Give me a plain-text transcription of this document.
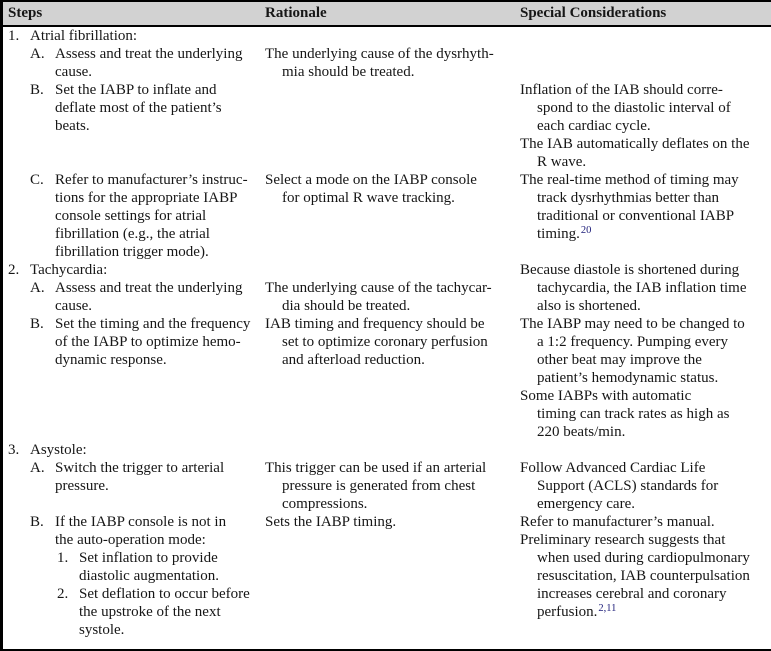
Steps	Rationale	Special Considerations
1. Atrial fibrillation:
A. Assess and treat the underlying
cause.
B. Set the IABP to inflate and
deflate most of the patient’s
beats.

C. Refer to manufacturer’s instruc-
tions for the appropriate IABP
console settings for atrial
fibrillation (e.g., the atrial
fibrillation trigger mode).
2. Tachycardia:
A. Assess and treat the underlying
cause.
B. Set the timing and the frequency
of the IABP to optimize hemo-
dynamic response.

3. Asystole:
A. Switch the trigger to arterial
pressure.

B. If the IABP console is not in
the auto-operation mode:
1. Set inflation to provide
diastolic augmentation.
2. Set deflation to occur before
the upstroke of the next
systole.

The underlying cause of the dysrhyth-
mia should be treated.

Select a mode on the IABP console
for optimal R wave tracking.

The underlying cause of the tachycar-
dia should be treated.
IAB timing and frequency should be
set to optimize coronary perfusion
and afterload reduction.

This trigger can be used if an arterial
pressure is generated from chest
compressions.
Sets the IABP timing.

Inflation of the IAB should corre-
spond to the diastolic interval of
each cardiac cycle.
The IAB automatically deflates on the
R wave.
The real-time method of timing may
track dysrhythmias better than
traditional or conventional IABP
timing.$^{20}$

Because diastole is shortened during
tachycardia, the IAB inflation time
also is shortened.
The IABP may need to be changed to
a 1:2 frequency. Pumping every
other beat may improve the
patient’s hemodynamic status.
Some IABPs with automatic
timing can track rates as high as
220 beats/min.

Follow Advanced Cardiac Life
Support (ACLS) standards for
emergency care.
Refer to manufacturer’s manual.
Preliminary research suggests that
when used during cardiopulmonary
resuscitation, IAB counterpulsation
increases cerebral and coronary
perfusion.$^{2,11}$
